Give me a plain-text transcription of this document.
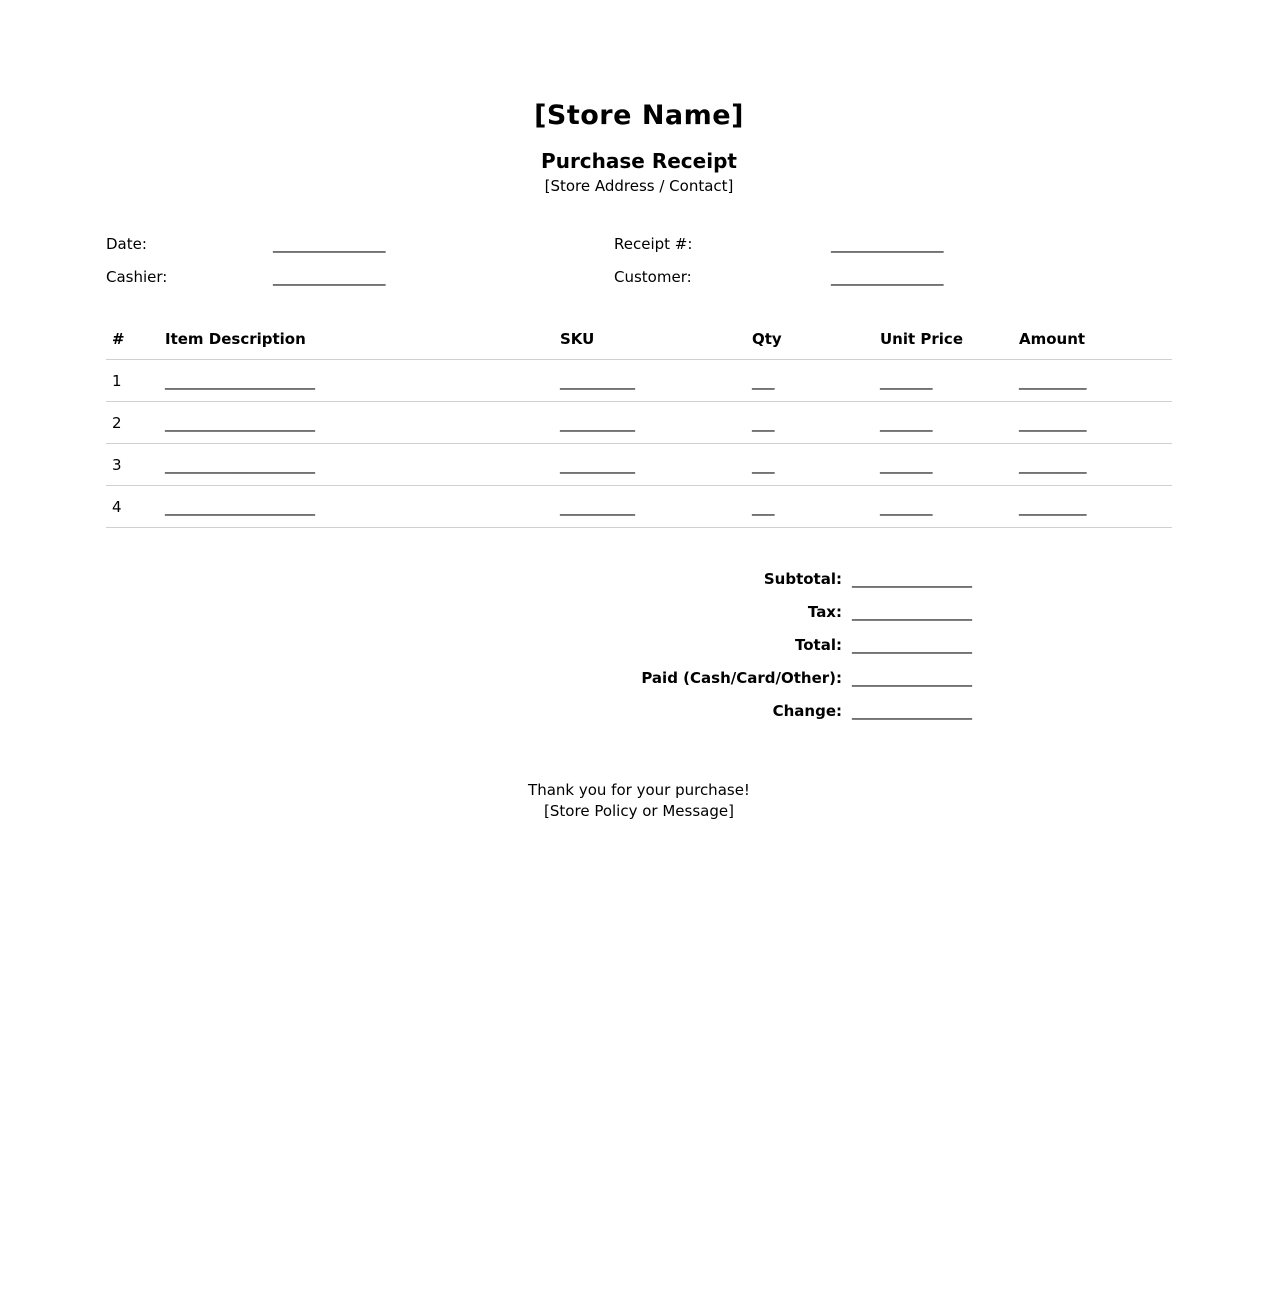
[Store Name]
Purchase Receipt
[Store Address / Contact]
Date:	_______________	Receipt #:	_______________
Cashier:	_______________	Customer:	_______________
#	Item Description	SKU	Qty	Unit Price	Amount
1	____________________	__________	___	_______	_________
2	____________________	__________	___	_______	_________
3	____________________	__________	___	_______	_________
4	____________________	__________	___	_______	_________
Subtotal: ________________
Tax: ________________
Total: ________________
Paid (Cash/Card/Other): ________________
Change: ________________
Thank you for your purchase!
[Store Policy or Message]
